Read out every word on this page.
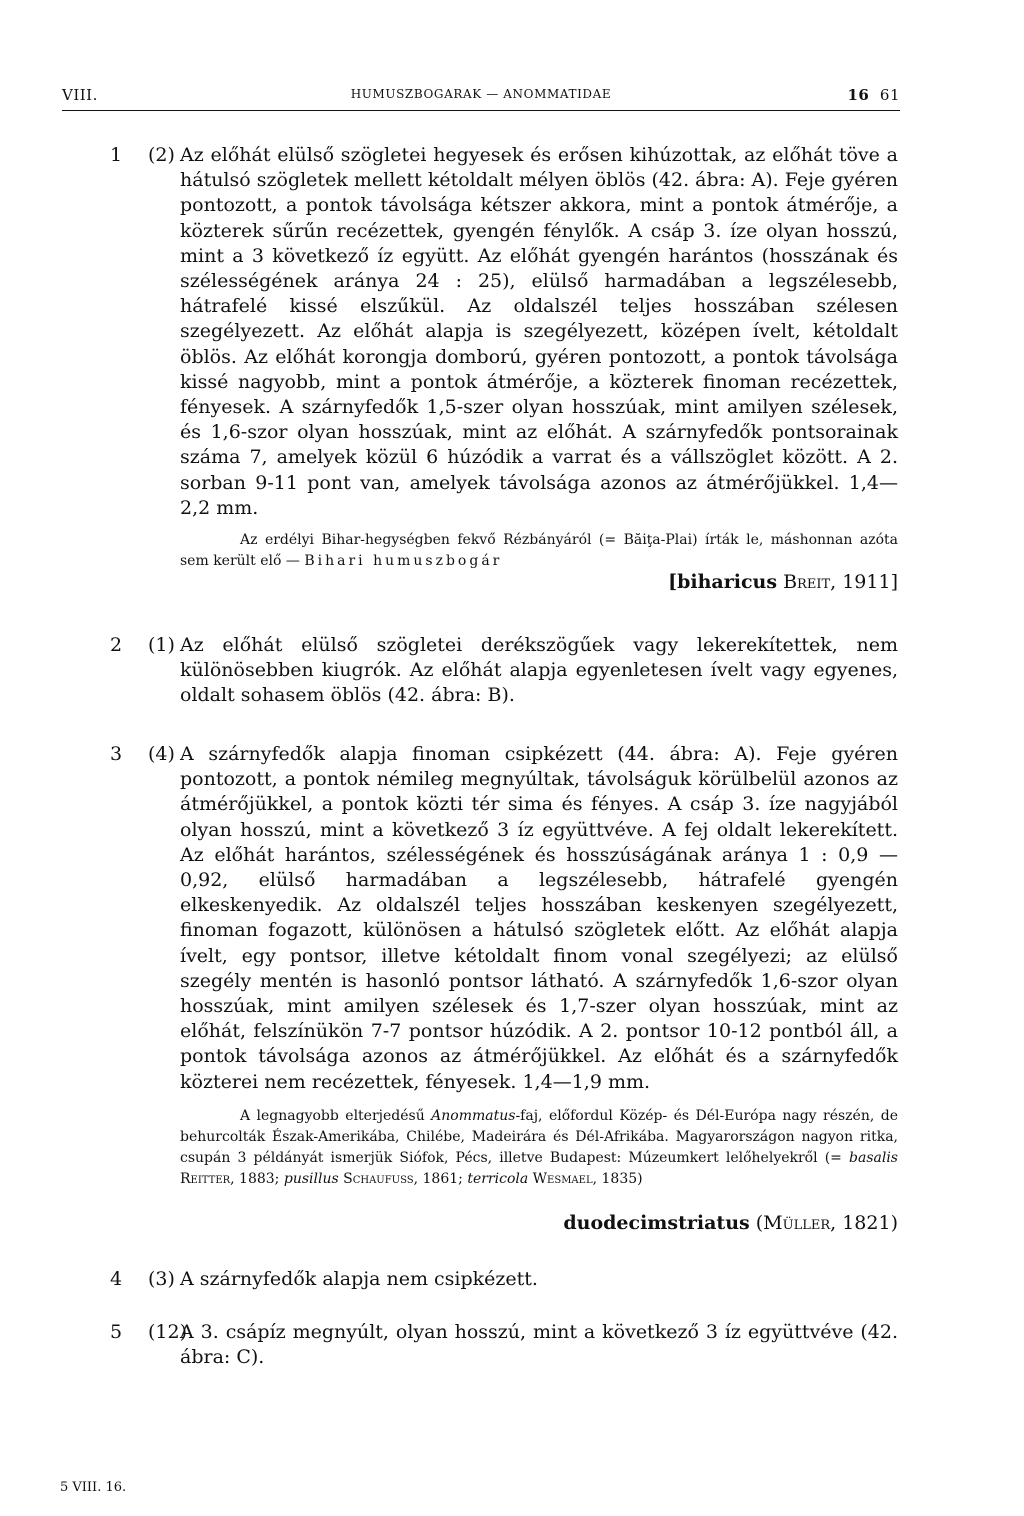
VIII.	HUMUSZBOGARAK — ANOMMATIDAE	16 61
1 (2) Az előhát elülső szögletei hegyesek és erősen kihúzottak, az előhát töve a hátulsó szögletek mellett kétoldalt mélyen öblös (42. ábra: A). Feje gyéren pontozott, a pontok távolsága kétszer akkora, mint a pontok átmérője, a közterek sűrűn recézettek, gyengén fénylők. A csáp 3. íze olyan hosszú, mint a 3 következő íz együtt. Az előhát gyengén harántos (hosszának és szélességének aránya 24 : 25), elülső harmadában a legszélesebb, hátrafelé kissé elszűkül. Az oldalszél teljes hosszában szélesen szegélyezett. Az előhát alapja is szegélyezett, középen ívelt, kétoldalt öblös. Az előhát korongja domború, gyéren pontozott, a pontok távolsága kissé nagyobb, mint a pontok átmérője, a közterek finoman recézettek, fényesek. A szárnyfedők 1,5-szer olyan hosszúak, mint amilyen szélesek, és 1,6-szor olyan hosszúak, mint az előhát. A szárnyfedők pontsorainak száma 7, amelyek közül 6 húzódik a varrat és a vállszöglet között. A 2. sorban 9-11 pont van, amelyek távolsága azonos az átmérőjükkel. 1,4—2,2 mm.

Az erdélyi Bihar-hegységben fekvő Rézbányáról (= Băiţa-Plai) írták le, máshonnan azóta sem került elő — Bihari humuszbogár

[biharicus Breit, 1911]
2 (1) Az előhát elülső szögletei derékszögűek vagy lekerekítettek, nem különösebben kiugrók. Az előhát alapja egyenletesen ívelt vagy egyenes, oldalt sohasem öblös (42. ábra: B).

3 (4) A szárnyfedők alapja finoman csipkézett (44. ábra: A). Feje gyéren pontozott, a pontok némileg megnyúltak, távolságuk körülbelül azonos az átmérőjükkel, a pontok közti tér sima és fényes. A csáp 3. íze nagyjából olyan hosszú, mint a következő 3 íz együttvéve. A fej oldalt lekerekített. Az előhát harántos, szélességének és hosszúságának aránya 1 : 0,9 —0,92, elülső harmadában a legszélesebb, hátrafelé gyengén elkeskenyedik. Az oldalszél teljes hosszában keskenyen szegélyezett, finoman fogazott, különösen a hátulsó szögletek előtt. Az előhát alapja ívelt, egy pontsor, illetve kétoldalt finom vonal szegélyezi; az elülső szegély mentén is hasonló pontsor látható. A szárnyfedők 1,6-szor olyan hosszúak, mint amilyen szélesek és 1,7-szer olyan hosszúak, mint az előhát, felszínükön 7-7 pontsor húzódik. A 2. pontsor 10-12 pontból áll, a pontok távolsága azonos az átmérőjükkel. Az előhát és a szárnyfedők közterei nem recézettek, fényesek. 1,4—1,9 mm.

A legnagyobb elterjedésű Anommatus-faj, előfordul Közép- és Dél-Európa nagy részén, de behurcolták Észak-Amerikába, Chilébe, Madeirára és Dél-Afrikába. Magyarországon nagyon ritka, csupán 3 példányát ismerjük Siófok, Pécs, illetve Budapest: Múzeumkert lelőhelyekről (= basalis Reitter, 1883; pusillus Schaufuss, 1861; terricola Wesmael, 1835)

duodecimstriatus (Müller, 1821)
4 (3) A szárnyfedők alapja nem csipkézett.

5 (12)

A 3. csápíz megnyúlt, olyan hosszú, mint a következő 3 íz együttvéve (42. ábra: C).

5 VIII. 16.
